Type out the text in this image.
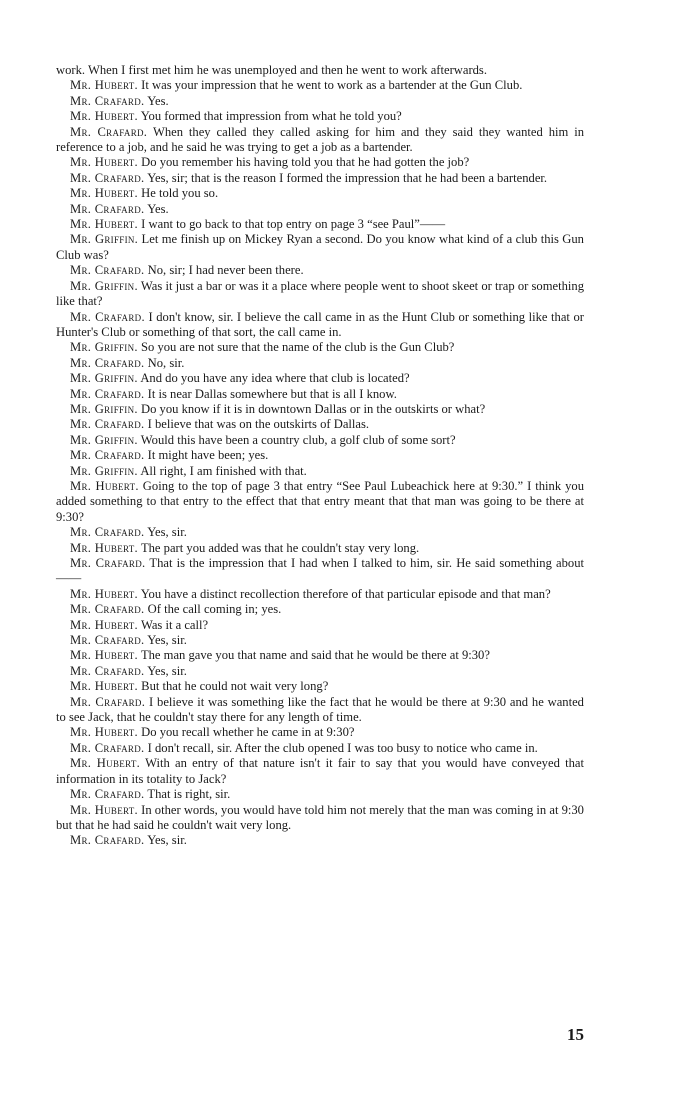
work. When I first met him he was unemployed and then he went to work afterwards.

Mr. Hubert. It was your impression that he went to work as a bartender at the Gun Club.

Mr. Crafard. Yes.

Mr. Hubert. You formed that impression from what he told you?

Mr. Crafard. When they called they called asking for him and they said they wanted him in reference to a job, and he said he was trying to get a job as a bartender.

Mr. Hubert. Do you remember his having told you that he had gotten the job?

Mr. Crafard. Yes, sir; that is the reason I formed the impression that he had been a bartender.

Mr. Hubert. He told you so.

Mr. Crafard. Yes.

Mr. Hubert. I want to go back to that top entry on page 3 “see Paul”——

Mr. Griffin. Let me finish up on Mickey Ryan a second. Do you know what kind of a club this Gun Club was?

Mr. Crafard. No, sir; I had never been there.

Mr. Griffin. Was it just a bar or was it a place where people went to shoot skeet or trap or something like that?

Mr. Crafard. I don't know, sir. I believe the call came in as the Hunt Club or something like that or Hunter's Club or something of that sort, the call came in.

Mr. Griffin. So you are not sure that the name of the club is the Gun Club?

Mr. Crafard. No, sir.

Mr. Griffin. And do you have any idea where that club is located?

Mr. Crafard. It is near Dallas somewhere but that is all I know.

Mr. Griffin. Do you know if it is in downtown Dallas or in the outskirts or what?

Mr. Crafard. I believe that was on the outskirts of Dallas.

Mr. Griffin. Would this have been a country club, a golf club of some sort?

Mr. Crafard. It might have been; yes.

Mr. Griffin. All right, I am finished with that.

Mr. Hubert. Going to the top of page 3 that entry “See Paul Lubeachick here at 9:30.” I think you added something to that entry to the effect that that entry meant that that man was going to be there at 9:30?

Mr. Crafard. Yes, sir.

Mr. Hubert. The part you added was that he couldn't stay very long.

Mr. Crafard. That is the impression that I had when I talked to him, sir. He said something about——

Mr. Hubert. You have a distinct recollection therefore of that particular episode and that man?

Mr. Crafard. Of the call coming in; yes.

Mr. Hubert. Was it a call?

Mr. Crafard. Yes, sir.

Mr. Hubert. The man gave you that name and said that he would be there at 9:30?

Mr. Crafard. Yes, sir.

Mr. Hubert. But that he could not wait very long?

Mr. Crafard. I believe it was something like the fact that he would be there at 9:30 and he wanted to see Jack, that he couldn't stay there for any length of time.

Mr. Hubert. Do you recall whether he came in at 9:30?

Mr. Crafard. I don't recall, sir. After the club opened I was too busy to notice who came in.

Mr. Hubert. With an entry of that nature isn't it fair to say that you would have conveyed that information in its totality to Jack?

Mr. Crafard. That is right, sir.

Mr. Hubert. In other words, you would have told him not merely that the man was coming in at 9:30 but that he had said he couldn't wait very long.

Mr. Crafard. Yes, sir.

15
